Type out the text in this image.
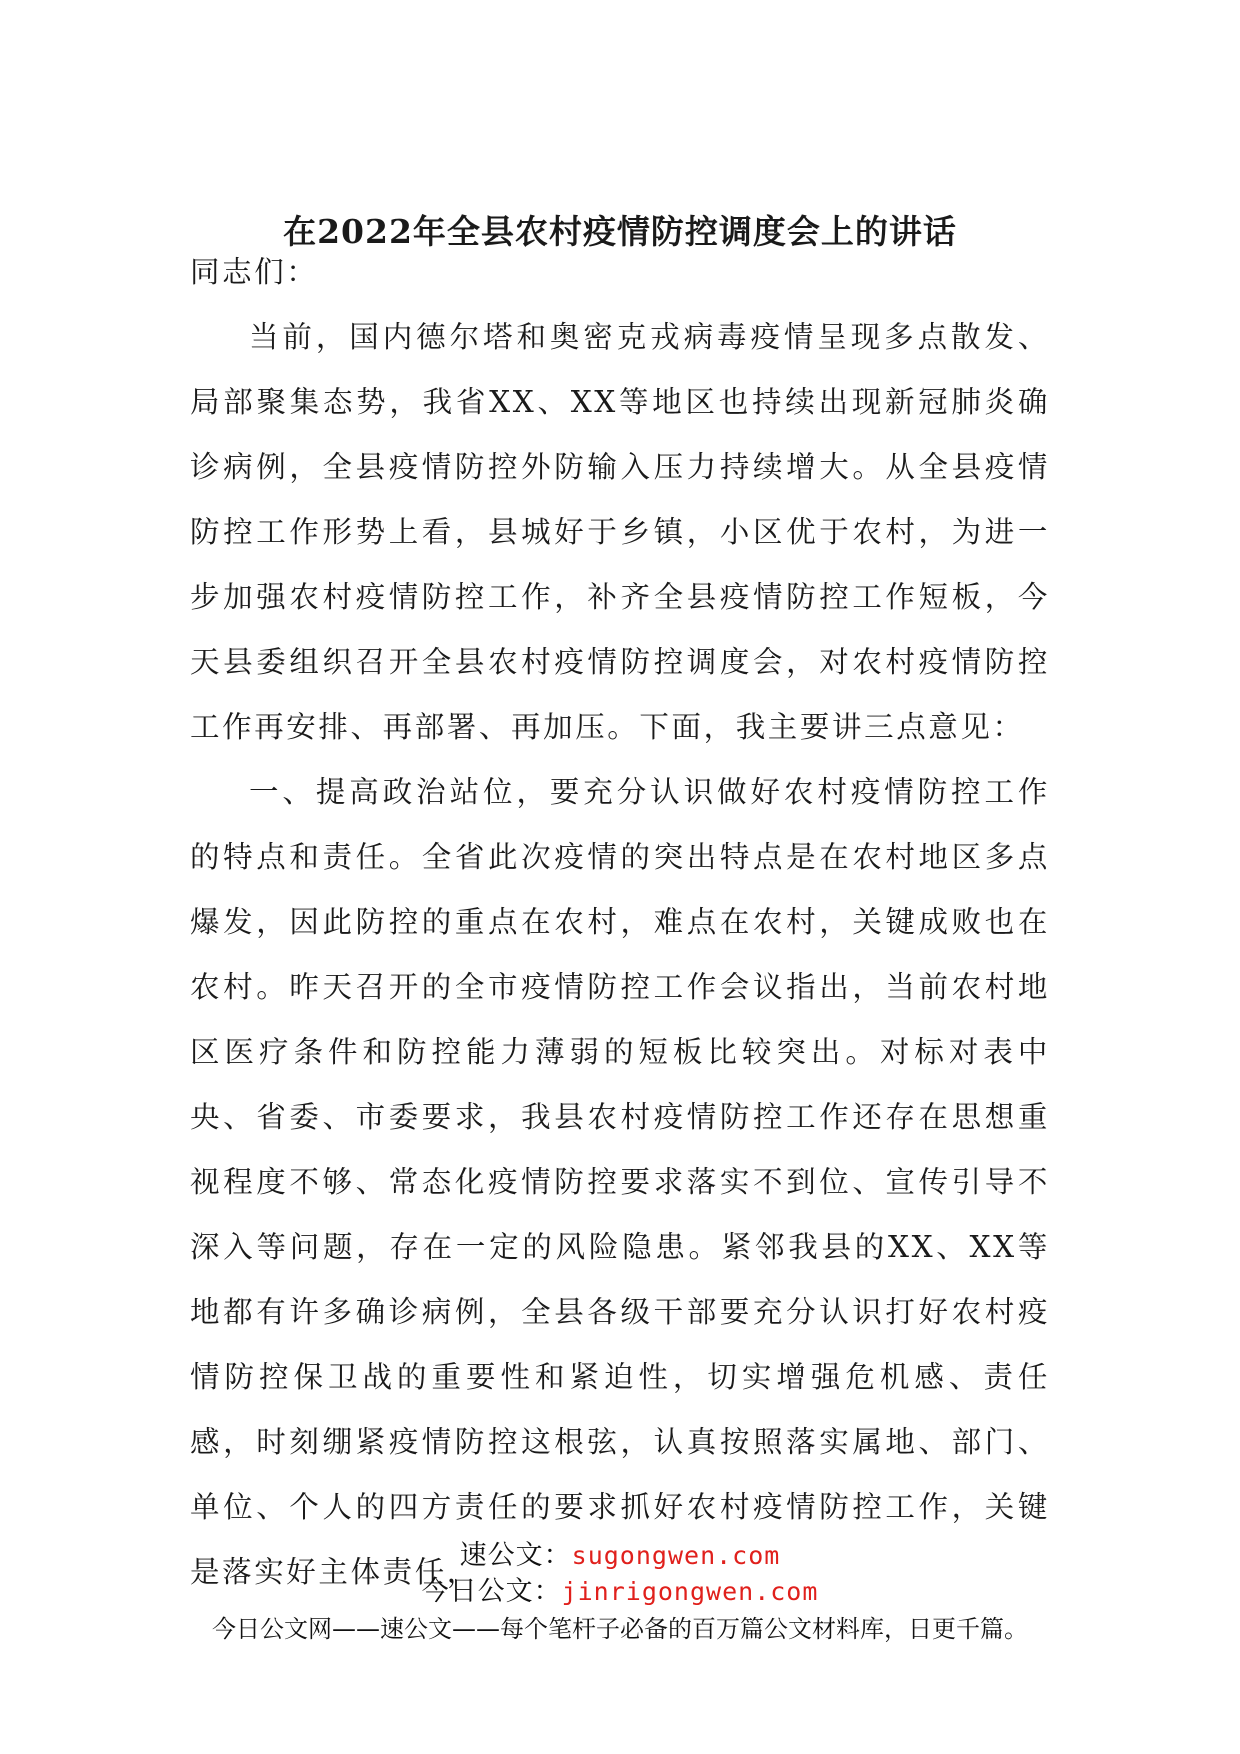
在2022年全县农村疫情防控调度会上的讲话

同志们：

当前，国内德尔塔和奥密克戎病毒疫情呈现多点散发、局部聚集态势，我省XX、XX等地区也持续出现新冠肺炎确诊病例，全县疫情防控外防输入压力持续增大。从全县疫情防控工作形势上看，县城好于乡镇，小区优于农村，为进一步加强农村疫情防控工作，补齐全县疫情防控工作短板，今天县委组织召开全县农村疫情防控调度会，对农村疫情防控工作再安排、再部署、再加压。下面，我主要讲三点意见：

一、提高政治站位，要充分认识做好农村疫情防控工作的特点和责任。全省此次疫情的突出特点是在农村地区多点爆发，因此防控的重点在农村，难点在农村，关键成败也在农村。昨天召开的全市疫情防控工作会议指出，当前农村地区医疗条件和防控能力薄弱的短板比较突出。对标对表中央、省委、市委要求，我县农村疫情防控工作还存在思想重视程度不够、常态化疫情防控要求落实不到位、宣传引导不深入等问题，存在一定的风险隐患。紧邻我县的XX、XX等地都有许多确诊病例，全县各级干部要充分认识打好农村疫情防控保卫战的重要性和紧迫性，切实增强危机感、责任感，时刻绷紧疫情防控这根弦，认真按照落实属地、部门、单位、个人的四方责任的要求抓好农村疫情防控工作，关键是落实好主体责任，

速公文：sugongwen.com
今日公文：jinrigongwen.com
今日公文网——速公文——每个笔杆子必备的百万篇公文材料库，日更千篇。
